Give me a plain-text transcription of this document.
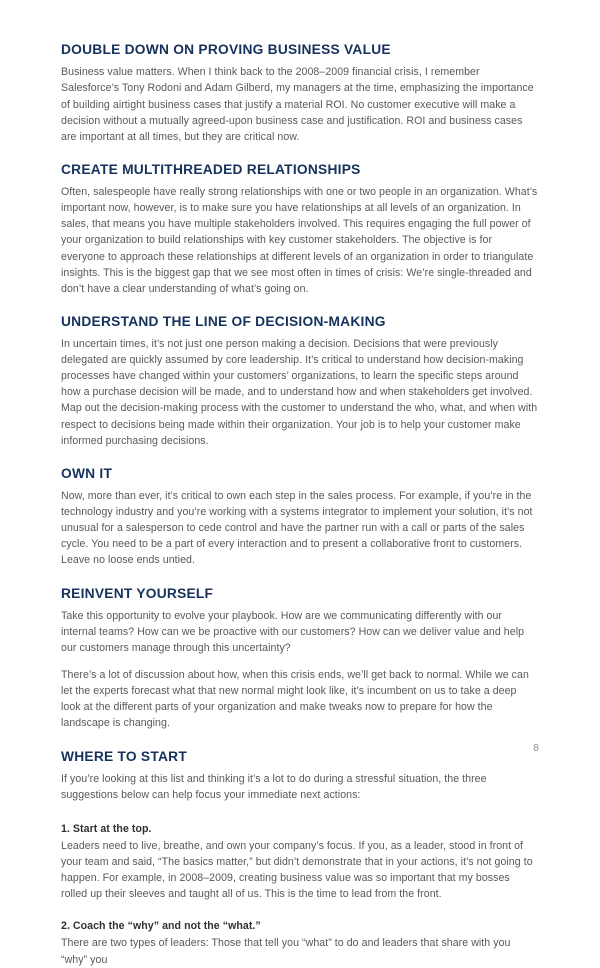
DOUBLE DOWN ON PROVING BUSINESS VALUE

Business value matters. When I think back to the 2008–2009 financial crisis, I remember Salesforce’s Tony Rodoni and Adam Gilberd, my managers at the time, emphasizing the importance of building airtight business cases that justify a material ROI. No customer executive will make a decision without a mutually agreed-upon business case and justification. ROI and business cases are important at all times, but they are critical now.

CREATE MULTITHREADED RELATIONSHIPS

Often, salespeople have really strong relationships with one or two people in an organization. What’s important now, however, is to make sure you have relationships at all levels of an organization. In sales, that means you have multiple stakeholders involved. This requires engaging the full power of your organization to build relationships with key customer stakeholders. The objective is for everyone to approach these relationships at different levels of an organization in order to triangulate insights. This is the biggest gap that we see most often in times of crisis: We’re single-threaded and don’t have a clear understanding of what’s going on.

UNDERSTAND THE LINE OF DECISION-MAKING

In uncertain times, it’s not just one person making a decision. Decisions that were previously delegated are quickly assumed by core leadership. It’s critical to understand how decision-making processes have changed within your customers’ organizations, to learn the specific steps around how a purchase decision will be made, and to understand how and when stakeholders get involved. Map out the decision-making process with the customer to understand the who, what, and when with respect to decisions being made within their organization. Your job is to help your customer make informed purchasing decisions.

OWN IT

Now, more than ever, it’s critical to own each step in the sales process. For example, if you’re in the technology industry and you’re working with a systems integrator to implement your solution, it’s not unusual for a salesperson to cede control and have the partner run with a call or parts of the sales cycle. You need to be a part of every interaction and to present a collaborative front to customers. Leave no loose ends untied.

REINVENT YOURSELF

Take this opportunity to evolve your playbook. How are we communicating differently with our internal teams? How can we be proactive with our customers? How can we deliver value and help our customers manage through this uncertainty?

There’s a lot of discussion about how, when this crisis ends, we’ll get back to normal. While we can let the experts forecast what that new normal might look like, it’s incumbent on us to take a deep look at the different parts of your organization and make tweaks now to prepare for how the landscape is changing.

WHERE TO START

If you’re looking at this list and thinking it’s a lot to do during a stressful situation, the three suggestions below can help focus your immediate next actions:

1. Start at the top.

Leaders need to live, breathe, and own your company’s focus. If you, as a leader, stood in front of your team and said, “The basics matter,” but didn’t demonstrate that in your actions, it’s not going to happen. For example, in 2008–2009, creating business value was so important that my bosses rolled up their sleeves and taught all of us. This is the time to lead from the front.

2. Coach the “why” and not the “what.”

There are two types of leaders: Those that tell you “what” to do and leaders that share with you “why” you

8
